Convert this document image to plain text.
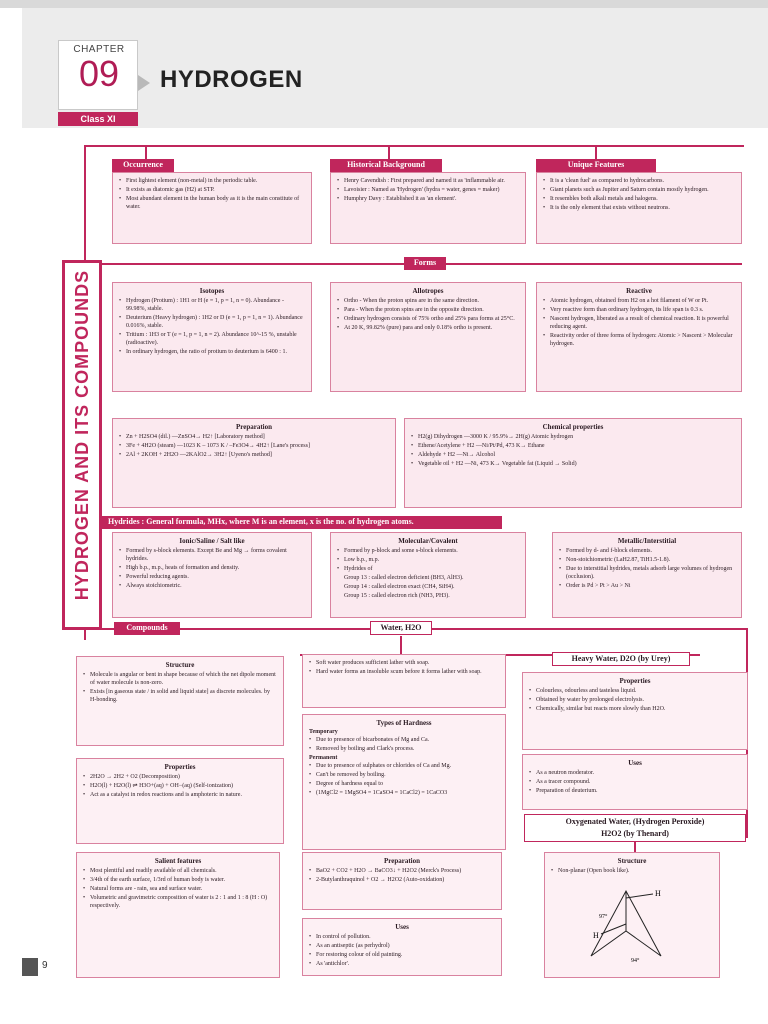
CHAPTER
09	HYDROGEN
Class XI
HYDROGEN AND ITS COMPOUNDS
Occurrence	Historical Background	Unique Features
• First lightest element (non-metal) in the periodic table.
• It exists as diatomic gas (H2) at STP.
• Most abundant element in the human body as it is the main constitute of water.
• Henry Cavendish : First prepared and named it as 'inflammable air.
• Lavoisier : Named as 'Hydrogen' (hydra = water, genes = maker)
• Humphry Davy : Established it as 'an element'.
• It is a 'clean fuel' as compared to hydrocarbons.
• Giant planets such as Jupiter and Saturn contain mostly hydrogen.
• It resembles both alkali metals and halogens.
• It is the only element that exists without neutrons.
Forms
Isotopes
• Hydrogen (Protium) : 1H1 or H (e = 1, p = 1, n = 0). Abundance - 99.98%, stable.
• Deuterium (Heavy hydrogen) : 1H2 or D (e = 1, p = 1, n = 1). Abundance 0.016%, stable.
• Tritium : 1H3 or T (e = 1, p = 1, n = 2). Abundance 10^-15 %, unstable (radioactive).
• In ordinary hydrogen, the ratio of protium to deuterium is 6400 : 1.
Allotropes
• Ortho - When the proton spins are in the same direction.
• Para - When the proton spins are in the opposite direction.
• Ordinary hydrogen consists of 75% ortho and 25% para forms at 25°C.
• At 20 K, 99.82% (pure) para and only 0.18% ortho is present.
Reactive
• Atomic hydrogen, obtained from H2 on a hot filament of W or Pt.
• Very reactive form than ordinary hydrogen, its life span is 0.3 s.
• Nascent hydrogen, liberated as a result of chemical reaction. It is powerful reducing agent.
• Reactivity order of three forms of hydrogen: Atomic > Nascent > Molecular hydrogen.
Preparation
• Zn + H2SO4 (dil.) —ZnSO4→ H2↑ [Laboratory method]
• 3Fe + 4H2O (steam) —1023 K – 1073 K / –Fe3O4→ 4H2↑ [Lane's process]
• 2Al + 2KOH + 2H2O —2KAlO2→ 3H2↑ [Uyeno's method]
Chemical properties
• H2(g) Dihydrogen —3000 K / 95.9%→ 2H(g) Atomic hydrogen
• Ethene/Acetylene + H2 —Ni/Pt/Pd, 473 K→ Ethane
• Aldehyde + H2 —Ni→ Alcohol
• Vegetable oil + H2 —Ni, 473 K→ Vegetable fat (Liquid → Solid)
Hydrides : General formula, MHx, where M is an element, x is the no. of hydrogen atoms.
Ionic/Saline / Salt like
• Formed by s-block elements. Except Be and Mg → forms covalent hydrides.
• High b.p., m.p., heats of formation and density.
• Powerful reducing agents.
• Always stoichiometric.
Molecular/Covalent
• Formed by p-block and some s-block elements.
• Low b.p., m.p.
• Hydrides of
Group 13 : called electron deficient (BH3, AlH3).
Group 14 : called electron exact (CH4, SiH4).
Group 15 : called electron rich (NH3, PH3).
Metallic/Interstitial
• Formed by d- and f-block elements.
• Non-stoichiometric (LaH2.87, TiH1.5-1.8).
• Due to interstitial hydrides, metals adsorb large volumes of hydrogen (occlusion).
• Order is Pd > Pt > Au > Ni
Compounds	Water, H2O
Structure
• Molecule is angular or bent in shape because of which the net dipole moment of water molecule is non-zero.
• Exists [in gaseous state / in solid and liquid state] as discrete molecules. by H-bonding.
Properties
• 2H2O → 2H2 + O2 (Decomposition)
• H2O(l) + H2O(l) ⇌ H3O+(aq) + OH−(aq) (Self-ionization)
• Act as a catalyst in redox reactions and is amphoteric in nature.
Salient features
• Most plentiful and readily available of all chemicals.
• 3/4th of the earth surface, 1/3rd of human body is water.
• Natural forms are - rain, sea and surface water.
• Volumetric and gravimetric composition of water is 2 : 1 and 1 : 8 (H : O) respectively.
• Soft water produces sufficient lather with soap.
• Hard water forms an insoluble scum before it forms lather with soap.
Types of Hardness
Temporary
• Due to presence of bicarbonates of Mg and Ca.
• Removed by boiling and Clark's process.
Permanent
• Due to presence of sulphates or chlorides of Ca and Mg.
• Can't be removed by boiling.
• Degree of hardness equal to
• (1MgCl2 = 1MgSO4 = 1CaSO4 = 1CaCl2) = 1CaCO3
Preparation
• BaO2 + CO2 + H2O → BaCO3↓ + H2O2 (Merck's Process)
• 2-Butylanthraquinol + O2 → H2O2 (Auto-oxidation)
Uses
• In control of pollution.
• As an antiseptic (as perhydrol)
• For restoring colour of old painting.
• As 'antichlor'.
Heavy Water, D2O (by Urey)
Properties
• Colourless, odourless and tasteless liquid.
• Obtained by water by prolonged electrolysis.
• Chemically, similar but reacts more slowly than H2O.
Uses
• As a neutron moderator.
• As a tracer compound.
• Preparation of deuterium.
Oxygenated Water, (Hydrogen Peroxide)
H2O2 (by Thenard)
Structure
• Non-planar (Open book like).
H
H
97°
94°
9
